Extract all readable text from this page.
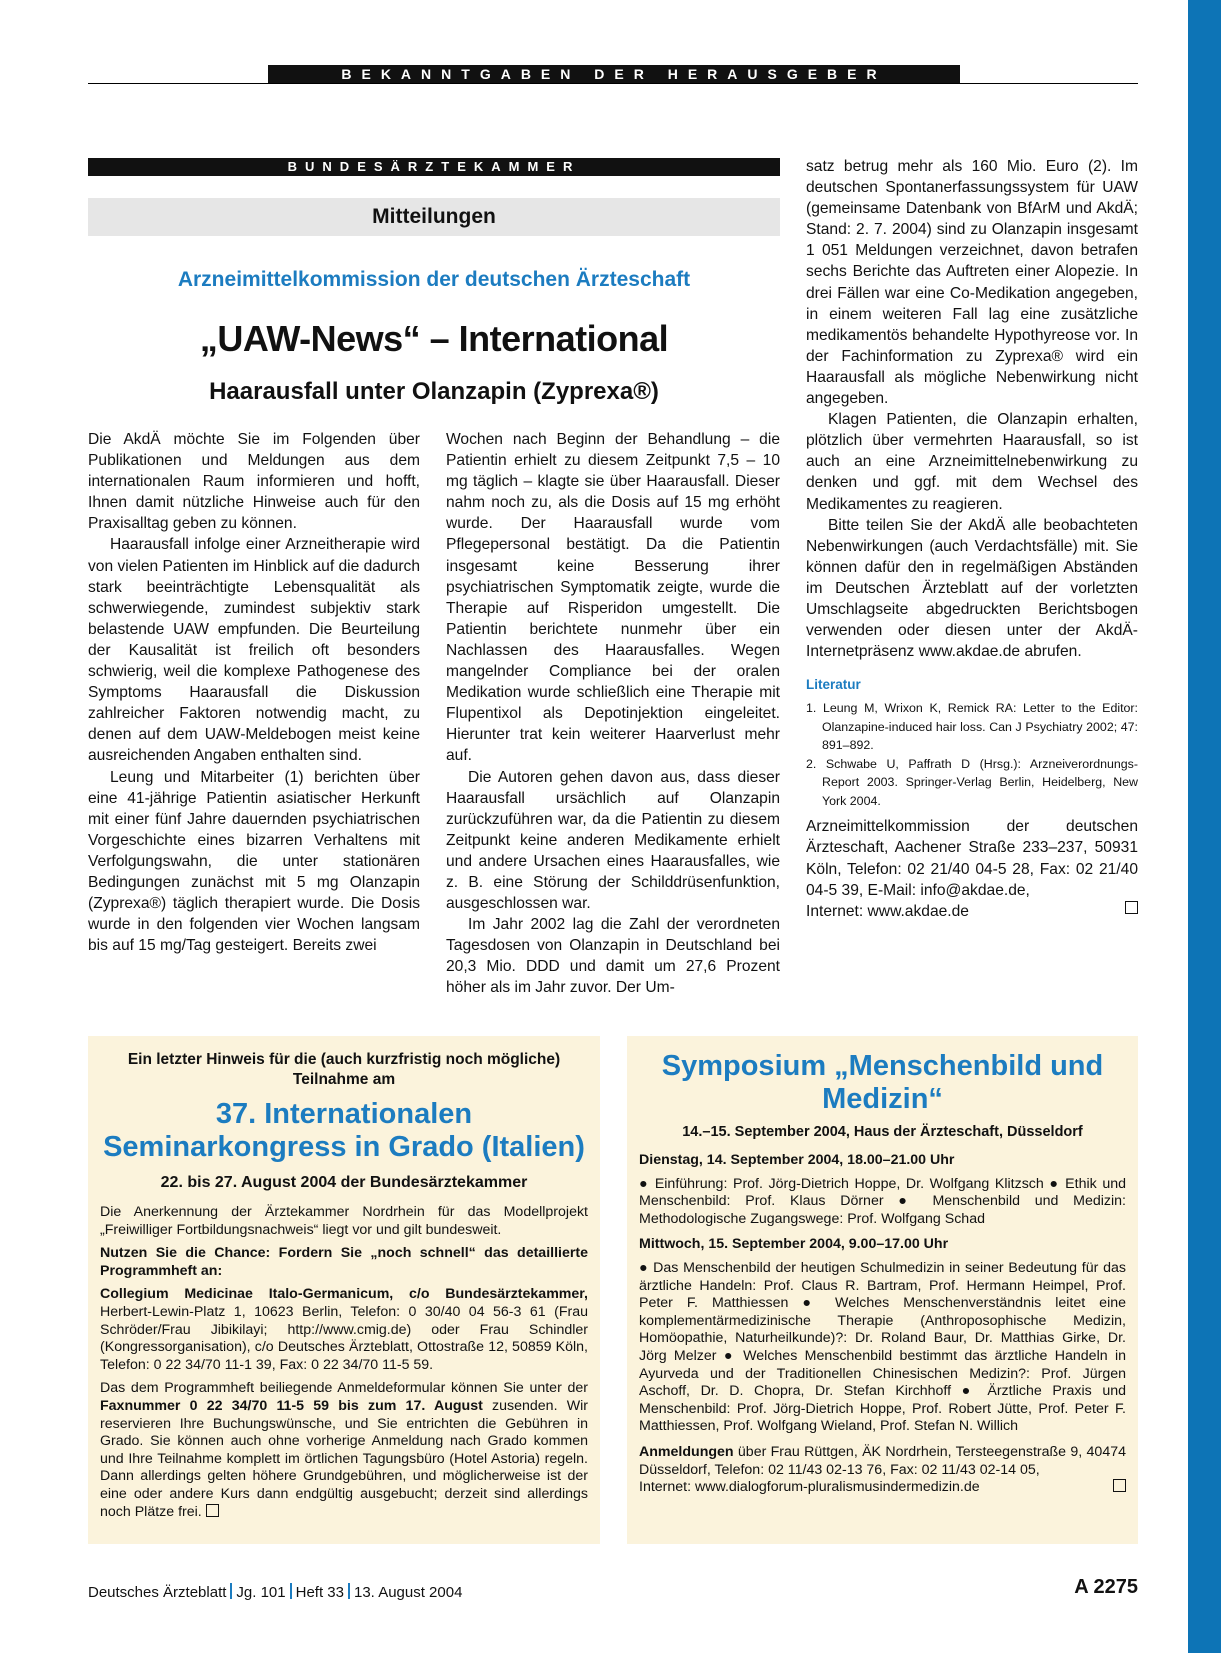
BEKANNTGABEN DER HERAUSGEBER
BUNDESÄRZTEKAMMER
Mitteilungen
Arzneimittelkommission der deutschen Ärzteschaft
„UAW-News“ – International
Haarausfall unter Olanzapin (Zyprexa®)

Die AkdÄ möchte Sie im Folgenden über Publikationen und Meldungen aus dem internationalen Raum informieren und hofft, Ihnen damit nützliche Hinweise auch für den Praxisalltag geben zu können.

Haarausfall infolge einer Arzneitherapie wird von vielen Patienten im Hinblick auf die dadurch stark beeinträchtigte Lebensqualität als schwerwiegende, zumindest subjektiv stark belastende UAW empfunden. Die Beurteilung der Kausalität ist freilich oft besonders schwierig, weil die komplexe Pathogenese des Symptoms Haarausfall die Diskussion zahlreicher Faktoren notwendig macht, zu denen auf dem UAW-Meldebogen meist keine ausreichenden Angaben enthalten sind.

Leung und Mitarbeiter (1) berichten über eine 41-jährige Patientin asiatischer Herkunft mit einer fünf Jahre dauernden psychiatrischen Vorgeschichte eines bizarren Verhaltens mit Verfolgungswahn, die unter stationären Bedingungen zunächst mit 5 mg Olanzapin (Zyprexa®) täglich therapiert wurde. Die Dosis wurde in den folgenden vier Wochen langsam bis auf 15 mg/Tag gesteigert. Bereits zwei

Wochen nach Beginn der Behandlung – die Patientin erhielt zu diesem Zeitpunkt 7,5 – 10 mg täglich – klagte sie über Haarausfall. Dieser nahm noch zu, als die Dosis auf 15 mg erhöht wurde. Der Haarausfall wurde vom Pflegepersonal bestätigt. Da die Patientin insgesamt keine Besserung ihrer psychiatrischen Symptomatik zeigte, wurde die Therapie auf Risperidon umgestellt. Die Patientin berichtete nunmehr über ein Nachlassen des Haarausfalles. Wegen mangelnder Compliance bei der oralen Medikation wurde schließlich eine Therapie mit Flupentixol als Depotinjektion eingeleitet. Hierunter trat kein weiterer Haarverlust mehr auf.

Die Autoren gehen davon aus, dass dieser Haarausfall ursächlich auf Olanzapin zurückzuführen war, da die Patientin zu diesem Zeitpunkt keine anderen Medikamente erhielt und andere Ursachen eines Haarausfalles, wie z. B. eine Störung der Schilddrüsenfunktion, ausgeschlossen war.

Im Jahr 2002 lag die Zahl der verordneten Tagesdosen von Olanzapin in Deutschland bei 20,3 Mio. DDD und damit um 27,6 Prozent höher als im Jahr zuvor. Der Um-

satz betrug mehr als 160 Mio. Euro (2). Im deutschen Spontanerfassungssystem für UAW (gemeinsame Datenbank von BfArM und AkdÄ; Stand: 2. 7. 2004) sind zu Olanzapin insgesamt 1 051 Meldungen verzeichnet, davon betrafen sechs Berichte das Auftreten einer Alopezie. In drei Fällen war eine Co-Medikation angegeben, in einem weiteren Fall lag eine zusätzliche medikamentös behandelte Hypothyreose vor. In der Fachinformation zu Zyprexa® wird ein Haarausfall als mögliche Nebenwirkung nicht angegeben.

Klagen Patienten, die Olanzapin erhalten, plötzlich über vermehrten Haarausfall, so ist auch an eine Arzneimittelnebenwirkung zu denken und ggf. mit dem Wechsel des Medikamentes zu reagieren.

Bitte teilen Sie der AkdÄ alle beobachteten Nebenwirkungen (auch Verdachtsfälle) mit. Sie können dafür den in regelmäßigen Abständen im Deutschen Ärzteblatt auf der vorletzten Umschlagseite abgedruckten Berichtsbogen verwenden oder diesen unter der AkdÄ-Internetpräsenz www.akdae.de abrufen.

Literatur
1. Leung M, Wrixon K, Remick RA: Letter to the Editor: Olanzapine-induced hair loss. Can J Psychiatry 2002; 47: 891–892.
2. Schwabe U, Paffrath D (Hrsg.): Arzneiverordnungs-Report 2003. Springer-Verlag Berlin, Heidelberg, New York 2004.

Arzneimittelkommission der deutschen Ärzteschaft, Aachener Straße 233–237, 50931 Köln, Telefon: 02 21/40 04-5 28, Fax: 02 21/40 04-5 39, E-Mail: info@akdae.de,

Internet: www.akdae.de
Ein letzter Hinweis für die (auch kurzfristig noch mögliche) Teilnahme am
37. Internationalen Seminarkongress in Grado (Italien)
22. bis 27. August 2004 der Bundesärztekammer

Die Anerkennung der Ärztekammer Nordrhein für das Modellprojekt „Freiwilliger Fortbildungsnachweis“ liegt vor und gilt bundesweit.

Nutzen Sie die Chance: Fordern Sie „noch schnell“ das detaillierte Programmheft an:

Collegium Medicinae Italo-Germanicum, c/o Bundesärztekammer, Herbert-Lewin-Platz 1, 10623 Berlin, Telefon: 0 30/40 04 56-3 61 (Frau Schröder/Frau Jibikilayi; http://www.cmig.de) oder Frau Schindler (Kongressorganisation), c/o Deutsches Ärzteblatt, Ottostraße 12, 50859 Köln, Telefon: 0 22 34/70 11-1 39, Fax: 0 22 34/70 11-5 59.

Das dem Programmheft beiliegende Anmeldeformular können Sie unter der Faxnummer 0 22 34/70 11-5 59 bis zum 17. August zusenden. Wir reservieren Ihre Buchungswünsche, und Sie entrichten die Gebühren in Grado. Sie können auch ohne vorherige Anmeldung nach Grado kommen und Ihre Teilnahme komplett im örtlichen Tagungsbüro (Hotel Astoria) regeln. Dann allerdings gelten höhere Grundgebühren, und möglicherweise ist der eine oder andere Kurs dann endgültig ausgebucht; derzeit sind allerdings noch Plätze frei.

Symposium „Menschenbild und Medizin“
14.–15. September 2004, Haus der Ärzteschaft, Düsseldorf

Dienstag, 14. September 2004, 18.00–21.00 Uhr

● Einführung: Prof. Jörg-Dietrich Hoppe, Dr. Wolfgang Klitzsch ● Ethik und Menschenbild: Prof. Klaus Dörner ● Menschenbild und Medizin: Methodologische Zugangswege: Prof. Wolfgang Schad

Mittwoch, 15. September 2004, 9.00–17.00 Uhr

● Das Menschenbild der heutigen Schulmedizin in seiner Bedeutung für das ärztliche Handeln: Prof. Claus R. Bartram, Prof. Hermann Heimpel, Prof. Peter F. Matthiessen ● Welches Menschenverständnis leitet eine komplementärmedizinische Therapie (Anthroposophische Medizin, Homöopathie, Naturheilkunde)?: Dr. Roland Baur, Dr. Matthias Girke, Dr. Jörg Melzer ● Welches Menschenbild bestimmt das ärztliche Handeln in Ayurveda und der Traditionellen Chinesischen Medizin?: Prof. Jürgen Aschoff, Dr. D. Chopra, Dr. Stefan Kirchhoff ● Ärztliche Praxis und Menschenbild: Prof. Jörg-Dietrich Hoppe, Prof. Robert Jütte, Prof. Peter F. Matthiessen, Prof. Wolfgang Wieland, Prof. Stefan N. Willich

Anmeldungen über Frau Rüttgen, ÄK Nordrhein, Tersteegenstraße 9, 40474 Düsseldorf, Telefon: 02 11/43 02-13 76, Fax: 02 11/43 02-14 05,

Internet: www.dialogforum-pluralismusindermedizin.de
Deutsches Ärzteblatt Jg. 101 Heft 33 13. August 2004	A 2275
